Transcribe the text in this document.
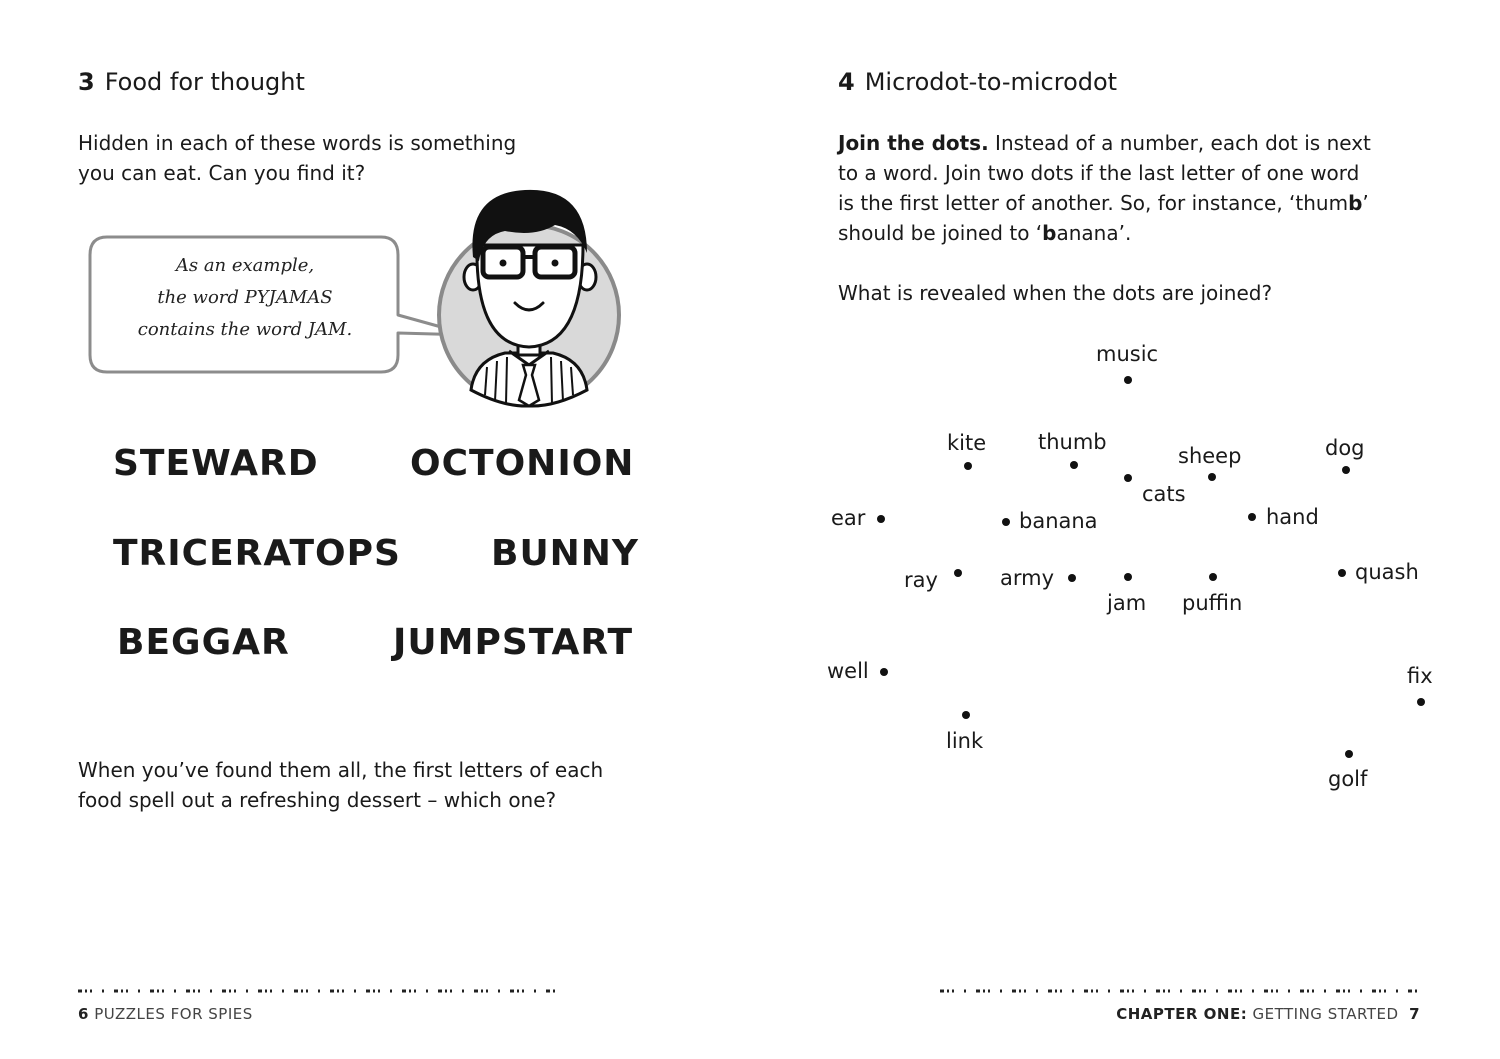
3 Food for thought
Hidden in each of these words is something
you can eat. Can you find it?
As an example,
the word PYJAMAS
contains the word JAM.
STEWARD	OCTONION
TRICERATOPS	BUNNY
BEGGAR	JUMPSTART
When you’ve found them all, the first letters of each
food spell out a refreshing dessert – which one?
6 PUZZLES FOR SPIES
4 Microdot-to-microdot
Join the dots. Instead of a number, each dot is next
to a word. Join two dots if the last letter of one word
is the first letter of another. So, for instance, ‘thumb’
should be joined to ‘banana’.
What is revealed when the dots are joined?
music
kite thumb
sheep	dog
cats
ear	banana	hand
ray	army
jam puffin
quash
well	fix
link
golf
CHAPTER ONE: GETTING STARTED 7
